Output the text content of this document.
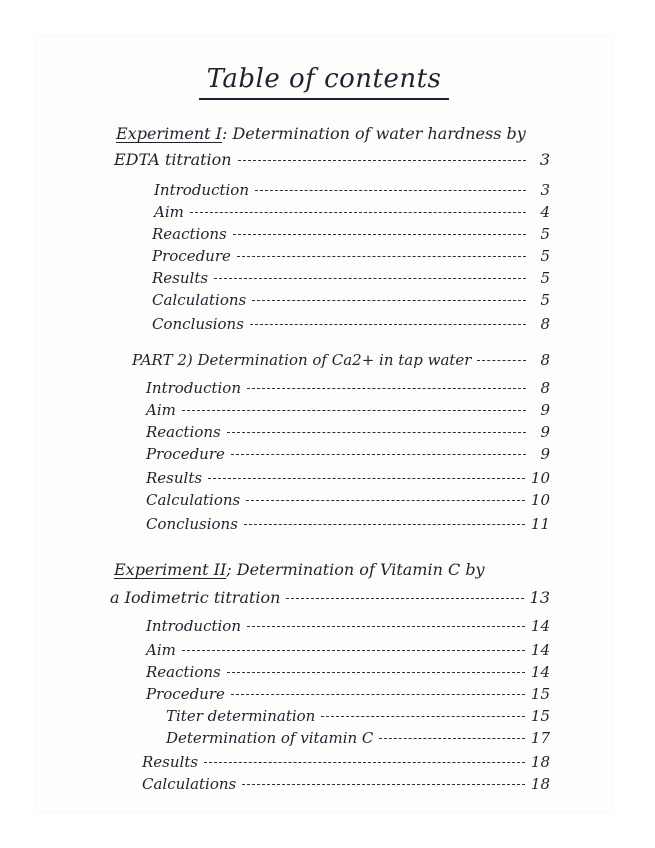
Table of contents
Experiment I : Determination of water hardness by
EDTA titration	3
Introduction	3
Aim	4
Reactions	5
Procedure	5
Results	5
Calculations	5
Conclusions	8
PART 2) Determination of Ca2+ in tap water	8
Introduction	8
Aim	9
Reactions	9
Procedure	9
Results	10
Calculations	10
Conclusions	11
Experiment II ; Determination of Vitamin C by
a Iodimetric titration	13
Introduction	14
Aim	14
Reactions	14
Procedure	15
Titer determination	15
Determination of vitamin C	17
Results	18
Calculations	18
